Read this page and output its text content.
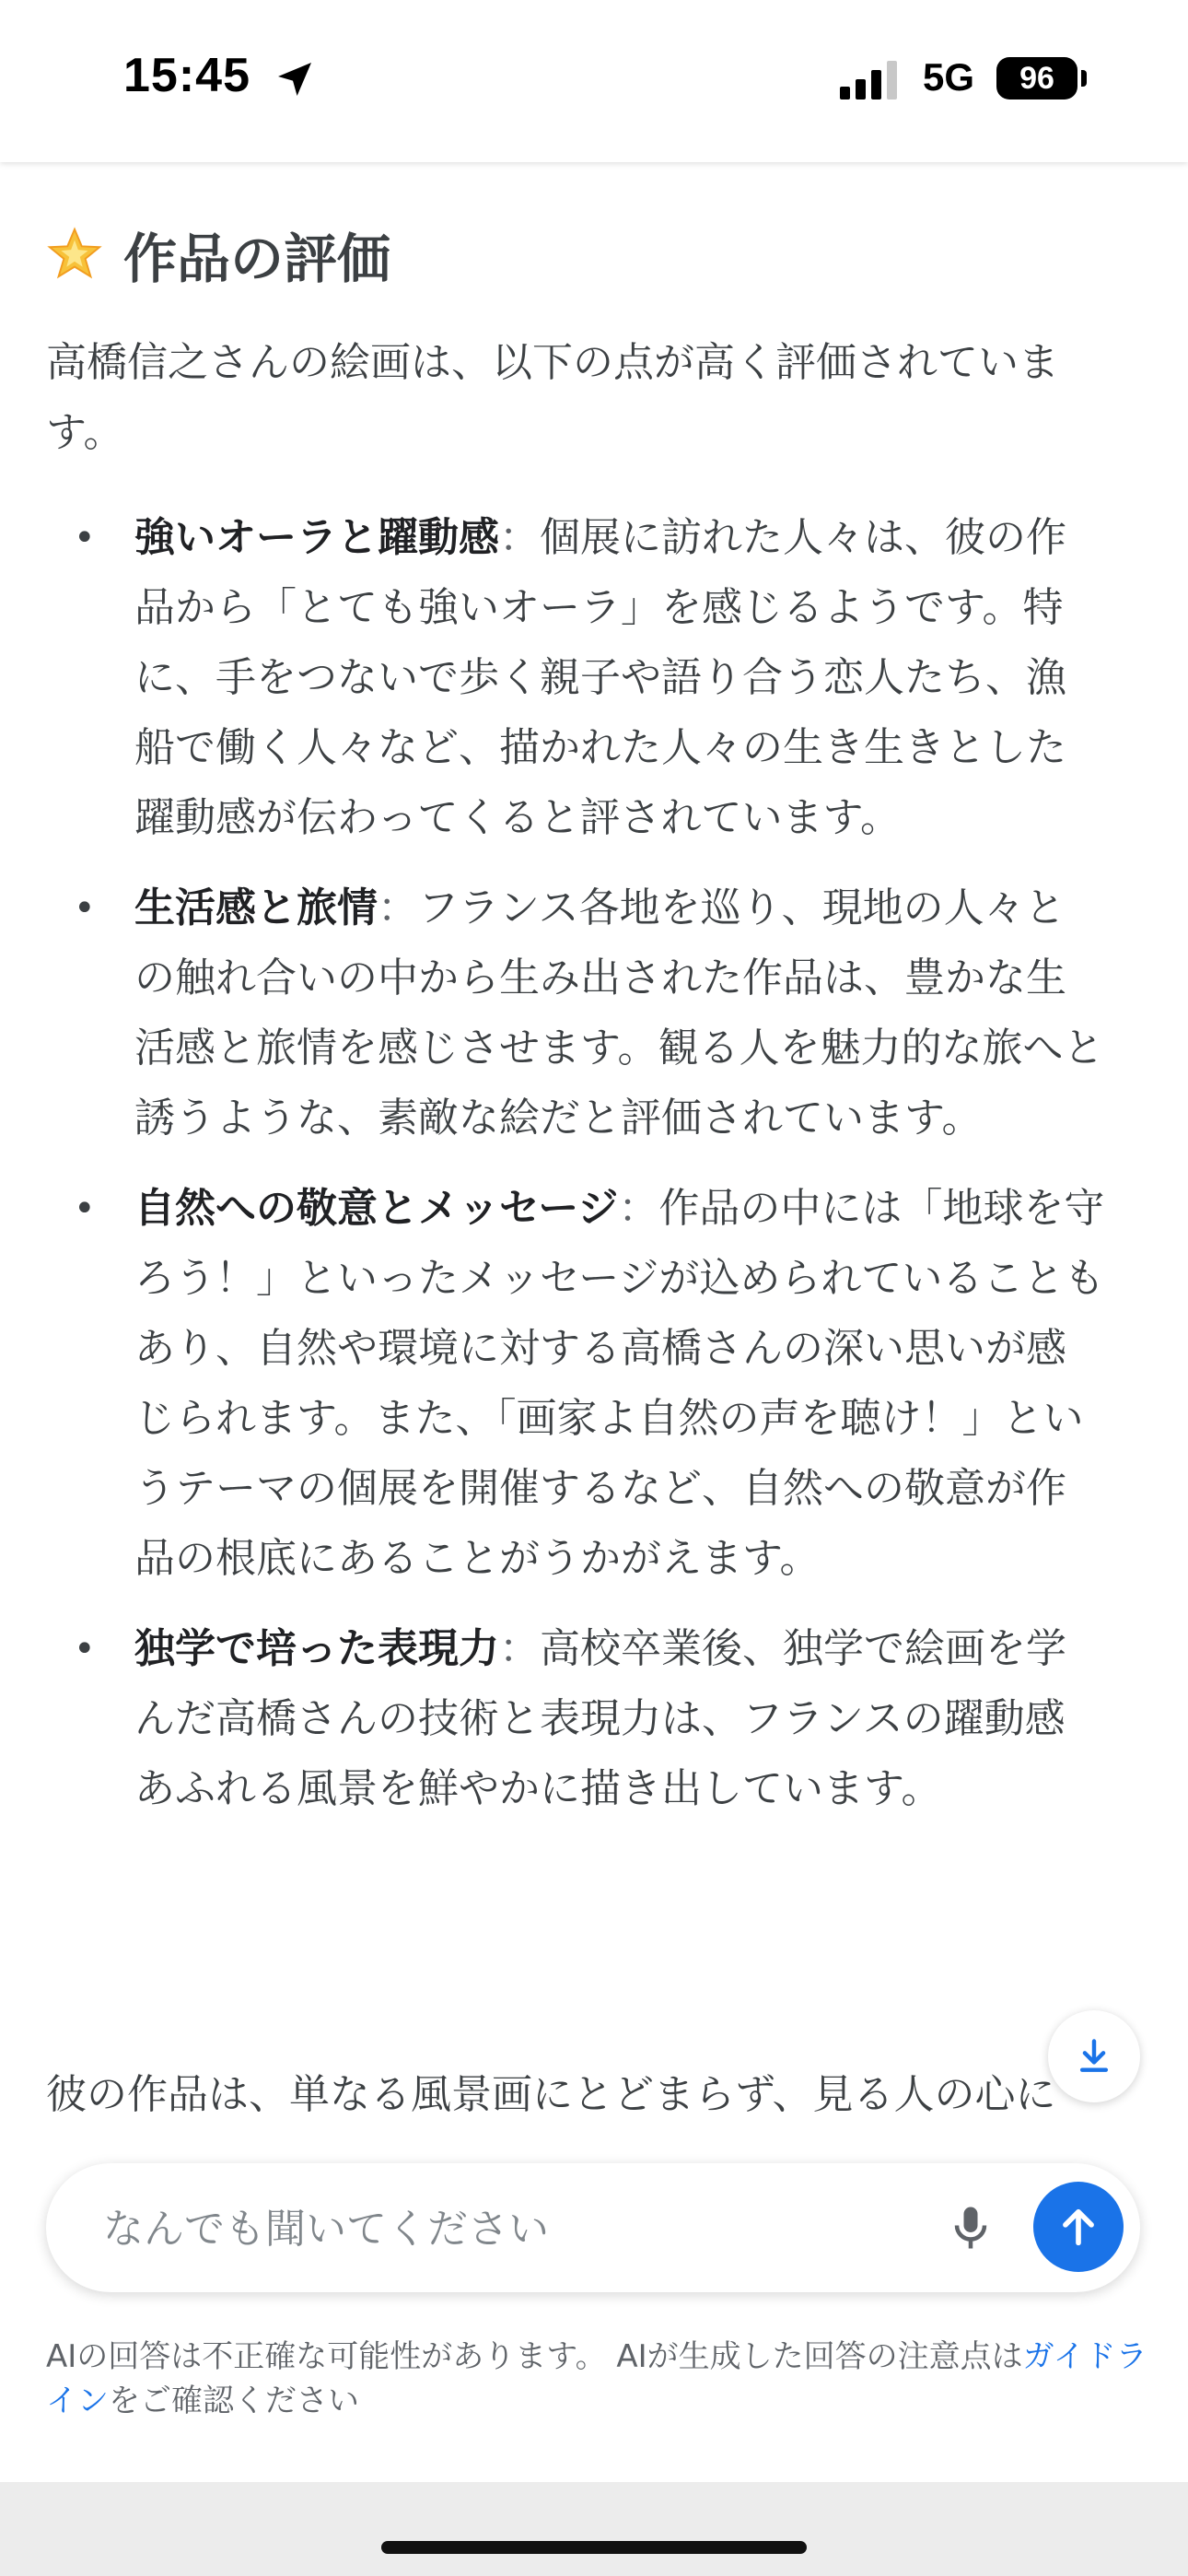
15:45	5G	96
作品の評価
高橋信之さんの絵画は、以下の点が高く評価されています。
• 強いオーラと躍動感：個展に訪れた人々は、彼の作品から「とても強いオーラ」を感じるようです。特に、手をつないで歩く親子や語り合う恋人たち、漁船で働く人々など、描かれた人々の生き生きとした躍動感が伝わってくると評されています。
• 生活感と旅情：フランス各地を巡り、現地の人々との触れ合いの中から生み出された作品は、豊かな生活感と旅情を感じさせます。観る人を魅力的な旅へと誘うような、素敵な絵だと評価されています。
• 自然への敬意とメッセージ：作品の中には「地球を守ろう！」といったメッセージが込められていることもあり、自然や環境に対する高橋さんの深い思いが感じられます。また、「画家よ自然の声を聴け！」というテーマの個展を開催するなど、自然への敬意が作品の根底にあることがうかがえます。
• 独学で培った表現力：高校卒業後、独学で絵画を学んだ高橋さんの技術と表現力は、フランスの躍動感あふれる風景を鮮やかに描き出しています。
彼の作品は、単なる風景画にとどまらず、見る人の心に
なんでも聞いてください
AIの回答は不正確な可能性があります。 AIが生成した回答の注意点はガイドラインをご確認ください
